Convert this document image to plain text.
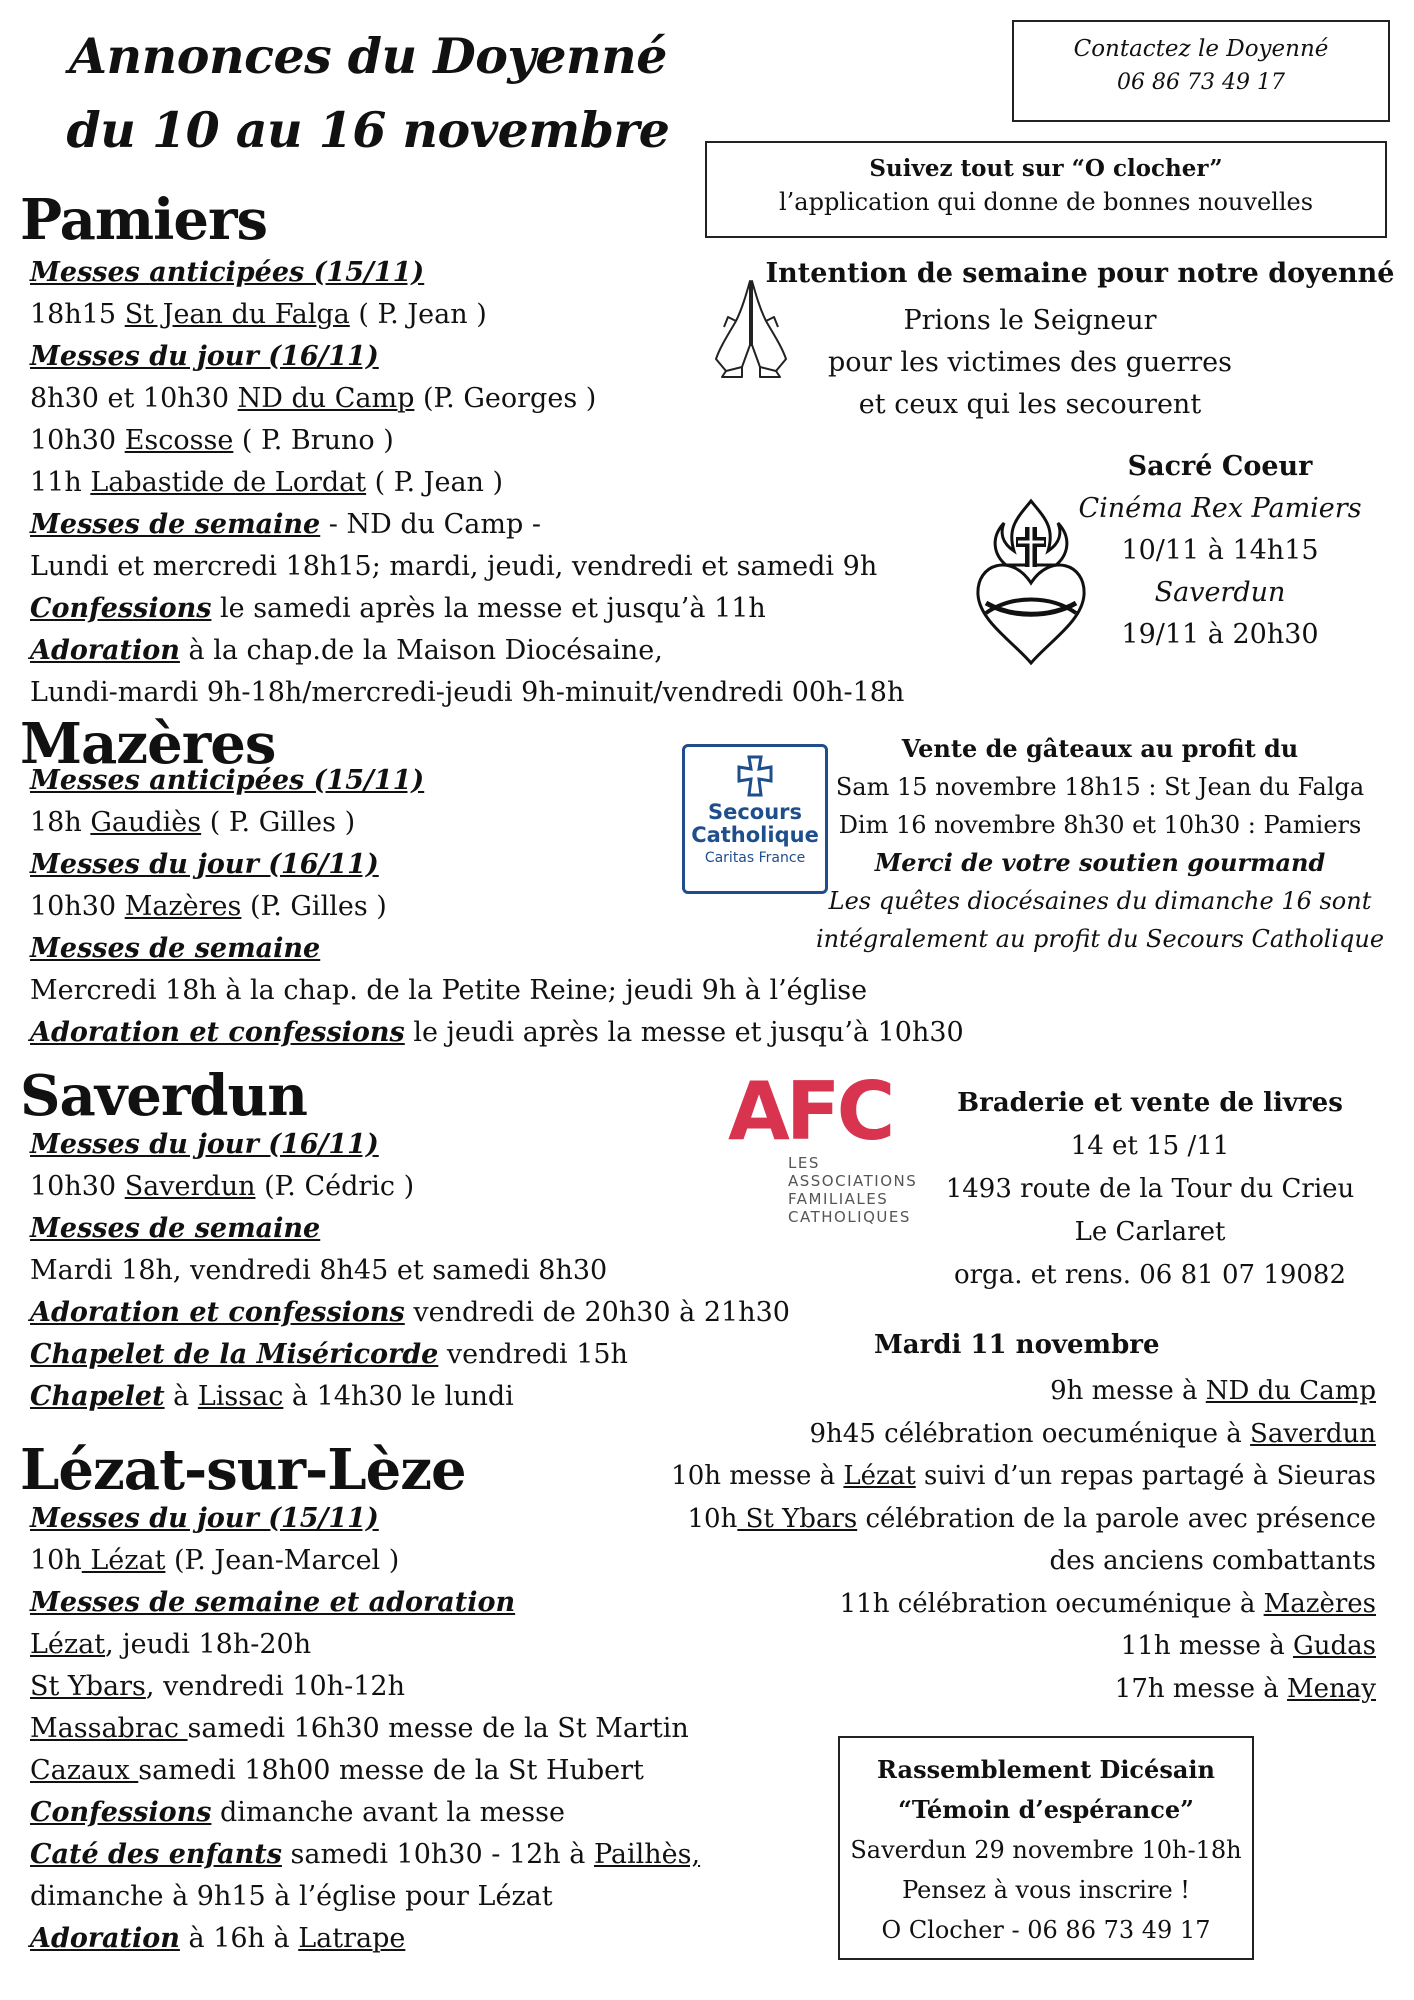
Annonces du Doyenné
du 10 au 16 novembre
Contactez le Doyenné
06 86 73 49 17
Suivez tout sur “O clocher”
l’application qui donne de bonnes nouvelles
Intention de semaine pour notre doyenné
Prions le Seigneur
pour les victimes des guerres
et ceux qui les secourent
Sacré Coeur
Cinéma Rex Pamiers
10/11 à 14h15
Saverdun
19/11 à 20h30
Secours
Catholique
Caritas France
Vente de gâteaux au profit du
Sam 15 novembre 18h15 : St Jean du Falga
Dim 16 novembre 8h30 et 10h30 : Pamiers
Merci de votre soutien gourmand
Les quêtes diocésaines du dimanche 16 sont
intégralement au profit du Secours Catholique
AFC
LES
ASSOCIATIONS
FAMILIALES
CATHOLIQUES
Braderie et vente de livres
14 et 15 /11
1493 route de la Tour du Crieu
Le Carlaret
orga. et rens. 06 81 07 19082
Mardi 11 novembre
9h messe à ND du Camp
9h45 célébration oecuménique à Saverdun
10h messe à Lézat suivi d’un repas partagé à Sieuras
10h St Ybars célébration de la parole avec présence
des anciens combattants
11h célébration oecuménique à Mazères
11h messe à Gudas
17h messe à Menay
Rassemblement Dicésain
“Témoin d’espérance”
Saverdun 29 novembre 10h-18h
Pensez à vous inscrire !
O Clocher - 06 86 73 49 17
Pamiers
Messes anticipées (15/11)
18h15 St Jean du Falga ( P. Jean )
Messes du jour (16/11)
8h30 et 10h30 ND du Camp (P. Georges )
10h30 Escosse ( P. Bruno )
11h Labastide de Lordat ( P. Jean )
Messes de semaine - ND du Camp -
Lundi et mercredi 18h15; mardi, jeudi, vendredi et samedi 9h
Confessions le samedi après la messe et jusqu’à 11h
Adoration à la chap.de la Maison Diocésaine,
Lundi-mardi 9h-18h/mercredi-jeudi 9h-minuit/vendredi 00h-18h
Mazères
Messes anticipées (15/11)
18h Gaudiès ( P. Gilles )
Messes du jour (16/11)
10h30 Mazères (P. Gilles )
Messes de semaine
Mercredi 18h à la chap. de la Petite Reine; jeudi 9h à l’église
Adoration et confessions le jeudi après la messe et jusqu’à 10h30
Saverdun
Messes du jour (16/11)
10h30 Saverdun (P. Cédric )
Messes de semaine
Mardi 18h, vendredi 8h45 et samedi 8h30
Adoration et confessions vendredi de 20h30 à 21h30
Chapelet de la Miséricorde vendredi 15h
Chapelet à Lissac à 14h30 le lundi
Lézat-sur-Lèze
Messes du jour (15/11)
10h Lézat (P. Jean-Marcel )
Messes de semaine et adoration
Lézat, jeudi 18h-20h
St Ybars, vendredi 10h-12h
Massabrac samedi 16h30 messe de la St Martin
Cazaux samedi 18h00 messe de la St Hubert
Confessions dimanche avant la messe
Caté des enfants samedi 10h30 - 12h à Pailhès,
dimanche à 9h15 à l’église pour Lézat
Adoration à 16h à Latrape
